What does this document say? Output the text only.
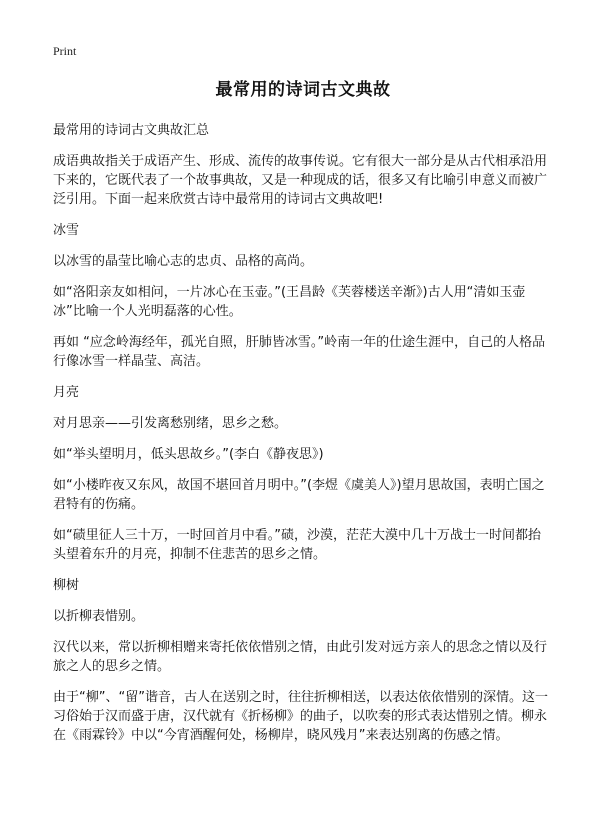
Print
最常用的诗词古文典故

最常用的诗词古文典故汇总

成语典故指关于成语产生、形成、流传的故事传说。它有很大一部分是从古代相承沿用下来的，它既代表了一个故事典故，又是一种现成的话，很多又有比喻引申意义而被广泛引用。下面一起来欣赏古诗中最常用的诗词古文典故吧!

冰雪

以冰雪的晶莹比喻心志的忠贞、品格的高尚。

如“洛阳亲友如相问，一片冰心在玉壶。”(王昌龄《芙蓉楼送辛渐》)古人用“清如玉壶冰”比喻一个人光明磊落的心性。

再如 “应念岭海经年，孤光自照，肝肺皆冰雪。”岭南一年的仕途生涯中，自己的人格品行像冰雪一样晶莹、高洁。

月亮

对月思亲——引发离愁别绪，思乡之愁。

如“举头望明月，低头思故乡。”(李白《静夜思》)

如“小楼昨夜又东风，故国不堪回首月明中。”(李煜《虞美人》)望月思故国，表明亡国之君特有的伤痛。

如“碛里征人三十万，一时回首月中看。”碛，沙漠，茫茫大漠中几十万战士一时间都抬头望着东升的月亮，抑制不住悲苦的思乡之情。

柳树

以折柳表惜别。

汉代以来，常以折柳相赠来寄托依依惜别之情，由此引发对远方亲人的思念之情以及行旅之人的思乡之情。

由于“柳”、“留”谐音，古人在送别之时，往往折柳相送，以表达依依惜别的深情。这一习俗始于汉而盛于唐，汉代就有《折杨柳》的曲子，以吹奏的形式表达惜别之情。柳永在《雨霖铃》中以“今宵酒醒何处，杨柳岸，晓风残月”来表达别离的伤感之情。
